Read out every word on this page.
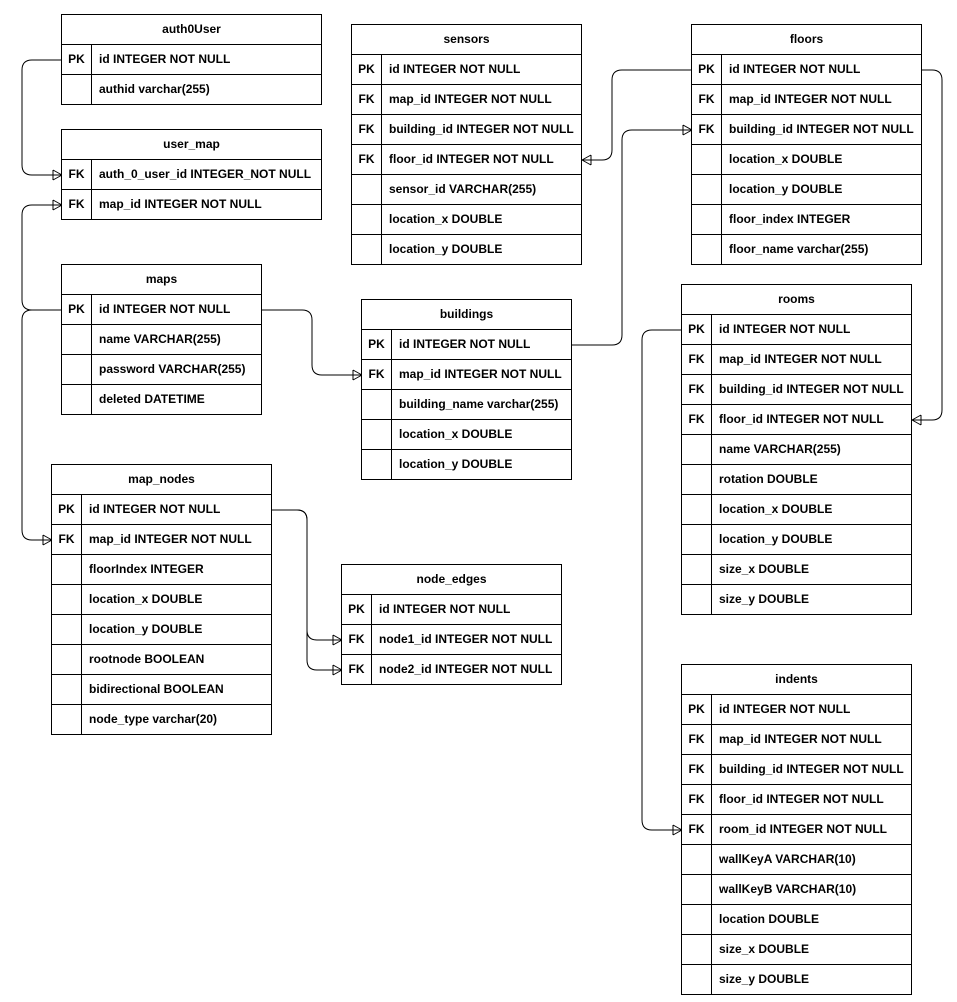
auth0User
PK	id INTEGER NOT NULL
authid varchar(255)
user_map
FK	auth_0_user_id INTEGER_NOT NULL
FK	map_id INTEGER NOT NULL
maps
PK	id INTEGER NOT NULL
name VARCHAR(255)
password VARCHAR(255)
deleted DATETIME
map_nodes
PK	id INTEGER NOT NULL
FK	map_id INTEGER NOT NULL
floorIndex INTEGER
location_x DOUBLE
location_y DOUBLE
rootnode BOOLEAN
bidirectional BOOLEAN
node_type varchar(20)
sensors
PK	id INTEGER NOT NULL
FK	map_id INTEGER NOT NULL
FK	building_id INTEGER NOT NULL
FK	floor_id INTEGER NOT NULL
sensor_id VARCHAR(255)
location_x DOUBLE
location_y DOUBLE
buildings
PK	id INTEGER NOT NULL
FK	map_id INTEGER NOT NULL
building_name varchar(255)
location_x DOUBLE
location_y DOUBLE
node_edges
PK	id INTEGER NOT NULL
FK	node1_id INTEGER NOT NULL
FK	node2_id INTEGER NOT NULL
floors
PK	id INTEGER NOT NULL
FK	map_id INTEGER NOT NULL
FK	building_id INTEGER NOT NULL
location_x DOUBLE
location_y DOUBLE
floor_index INTEGER
floor_name varchar(255)
rooms
PK	id INTEGER NOT NULL
FK	map_id INTEGER NOT NULL
FK	building_id INTEGER NOT NULL
FK	floor_id INTEGER NOT NULL
name VARCHAR(255)
rotation DOUBLE
location_x DOUBLE
location_y DOUBLE
size_x DOUBLE
size_y DOUBLE
indents
PK	id INTEGER NOT NULL
FK	map_id INTEGER NOT NULL
FK	building_id INTEGER NOT NULL
FK	floor_id INTEGER NOT NULL
FK	room_id INTEGER NOT NULL
wallKeyA VARCHAR(10)
wallKeyB VARCHAR(10)
location DOUBLE
size_x DOUBLE
size_y DOUBLE
